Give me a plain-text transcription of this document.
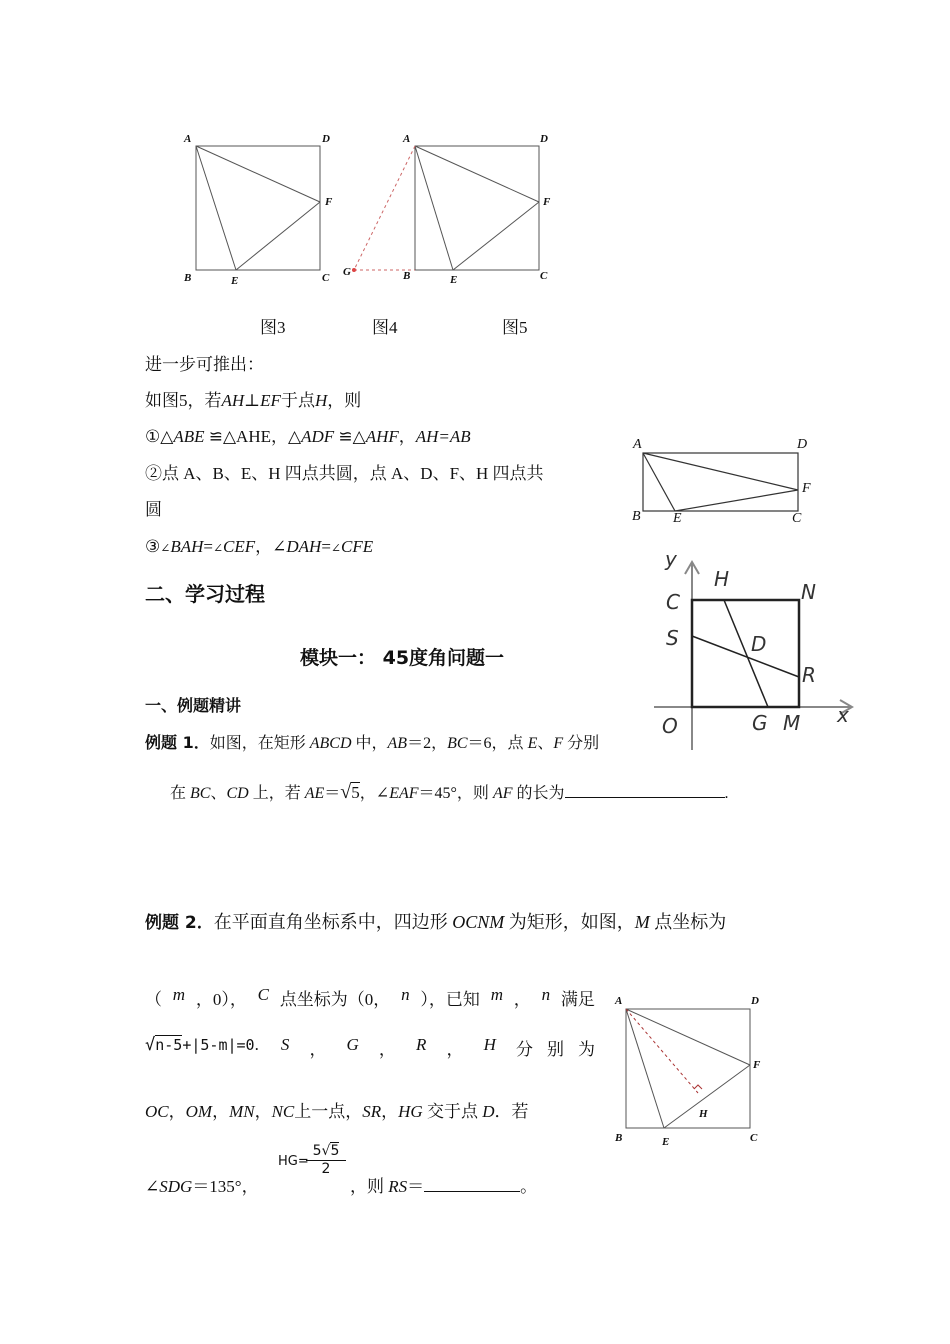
A	D
F
B	E	C
A	D
F
G	B	E	C
图3	图4	图5
进一步可推出：
如图5，若AH⊥EF于点H，则
①△ABE ≌△AHE，△ADF ≌△AHF，AH=AB
②点 A、B、E、H 四点共圆，点 A、D、F、H 四点共
圆
③∠BAH=∠CEF，∠DAH=∠CFE
A	D
F
B E	C
y
x
C
H
N
S	D
R
O	G M
二、学习过程
模块一： 45度角问题一
一、例题精讲
例题 1．如图，在矩形 ABCD 中，AB＝2，BC＝6，点 E、F 分别
在 BC、CD 上，若 AE＝√5，∠EAF＝45°，则 AF 的长为	.
例题 2．在平面直角坐标系中，四边形 OCNM 为矩形，如图，M 点坐标为
（ m ，0）， C 点坐标为（0， n ），已知 m ， n 满足
√ n-5 +|5-m|=0 . S ， G ， R ， H 分别为
OC，OM，MN，NC上一点，SR，HG 交于点 D．若
∠SDG＝135°，
HG=
5√5
2
，则 RS＝	。
A	D
F
H
B	E	C
